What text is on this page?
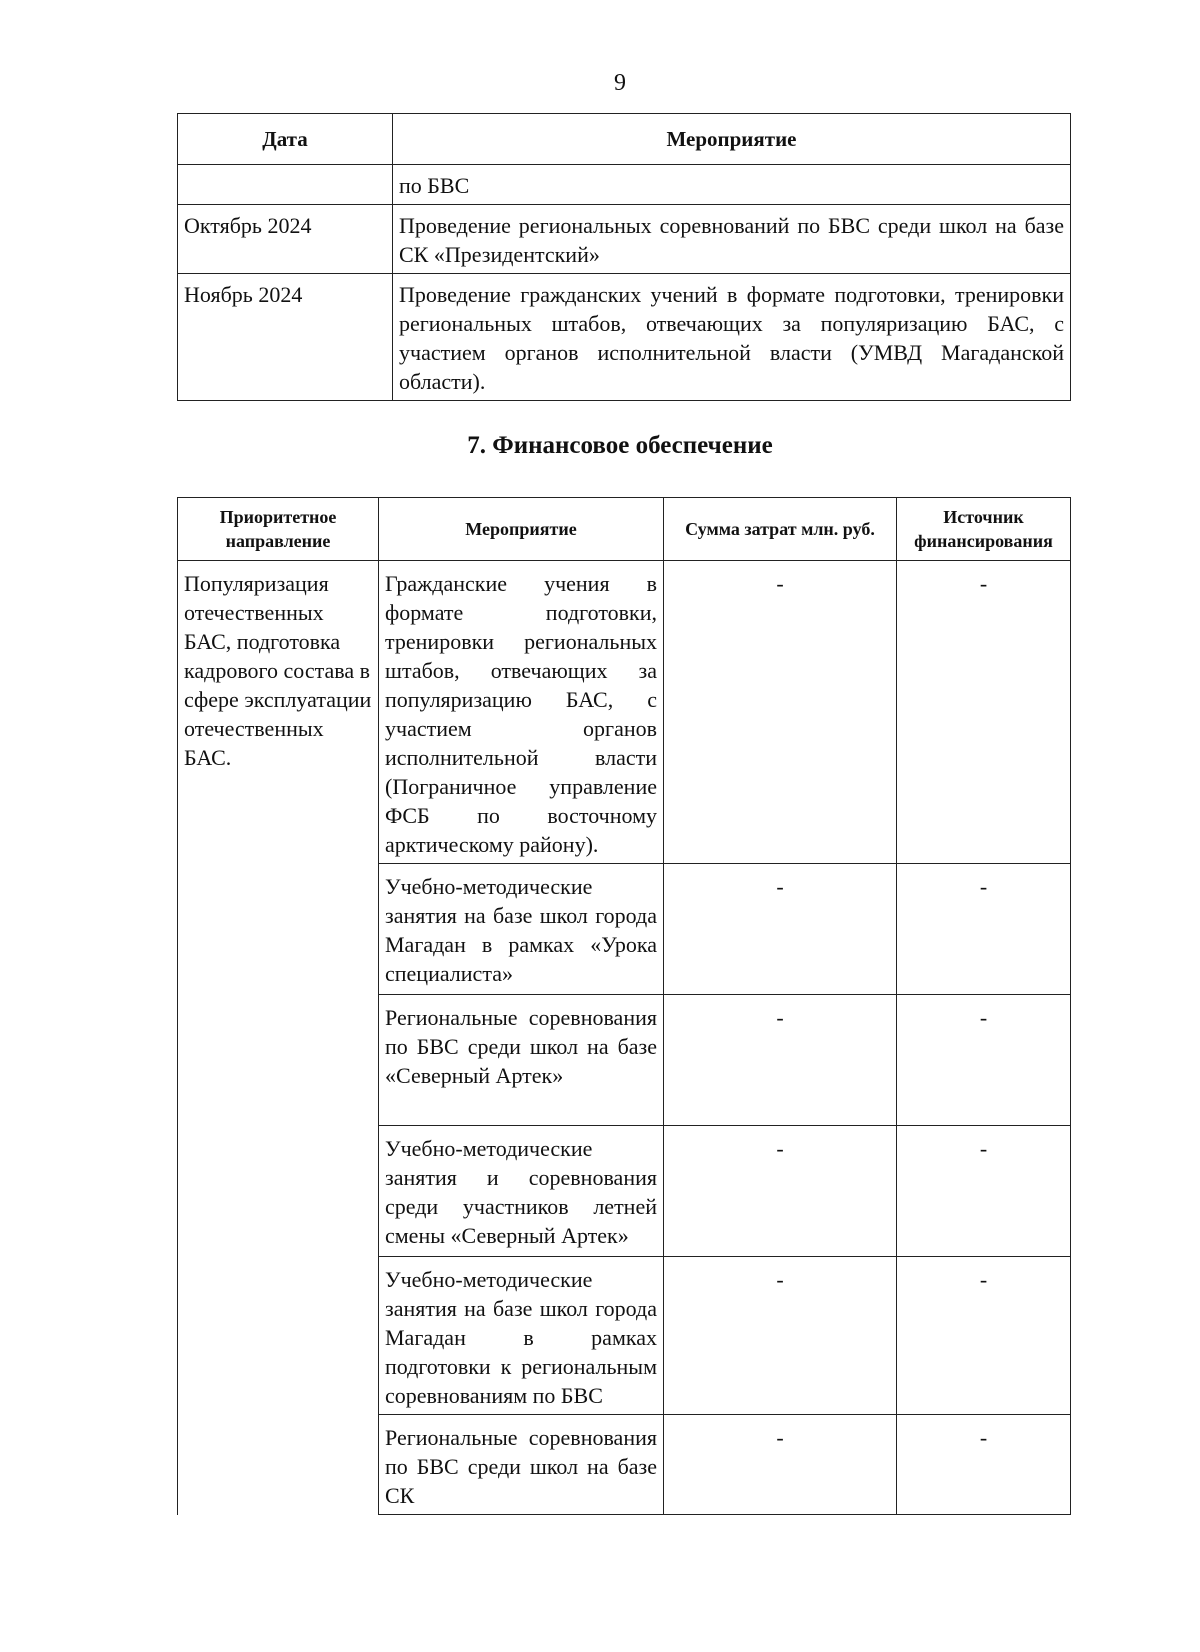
9
Дата	Мероприятие
	по БВС
Октябрь 2024	Проведение региональных соревнований по БВС среди школ на базе СК «Президентский»
Ноябрь 2024	Проведение гражданских учений в формате подготовки, тренировки региональных штабов, отвечающих за популяризацию БАС, с участием органов исполнительной власти (УМВД Магаданской области).
7. Финансовое обеспечение
Приоритетное направление	Мероприятие	Сумма затрат млн. руб.	Источник финансирования

Популяризация отечественных БАС, подготовка кадрового состава в сфере эксплуатации отечественных БАС.	Гражданские учения в формате подготовки, тренировки региональных штабов, отвечающих за популяризацию БАС, с участием органов исполнительной власти (Пограничное управление ФСБ по восточному арктическому району).	-	-
	Учебно-методические занятия на базе школ города Магадан в рамках «Урока специалиста»	-	-
	Региональные соревнования по БВС среди школ на базе «Северный Артек»	-	-
	Учебно-методические занятия и соревнования среди участников летней смены «Северный Артек»	-	-
	Учебно-методические занятия на базе школ города Магадан в рамках подготовки к региональным соревнованиям по БВС	-	-
	Региональные соревнования по БВС среди школ на базе СК	-	-
